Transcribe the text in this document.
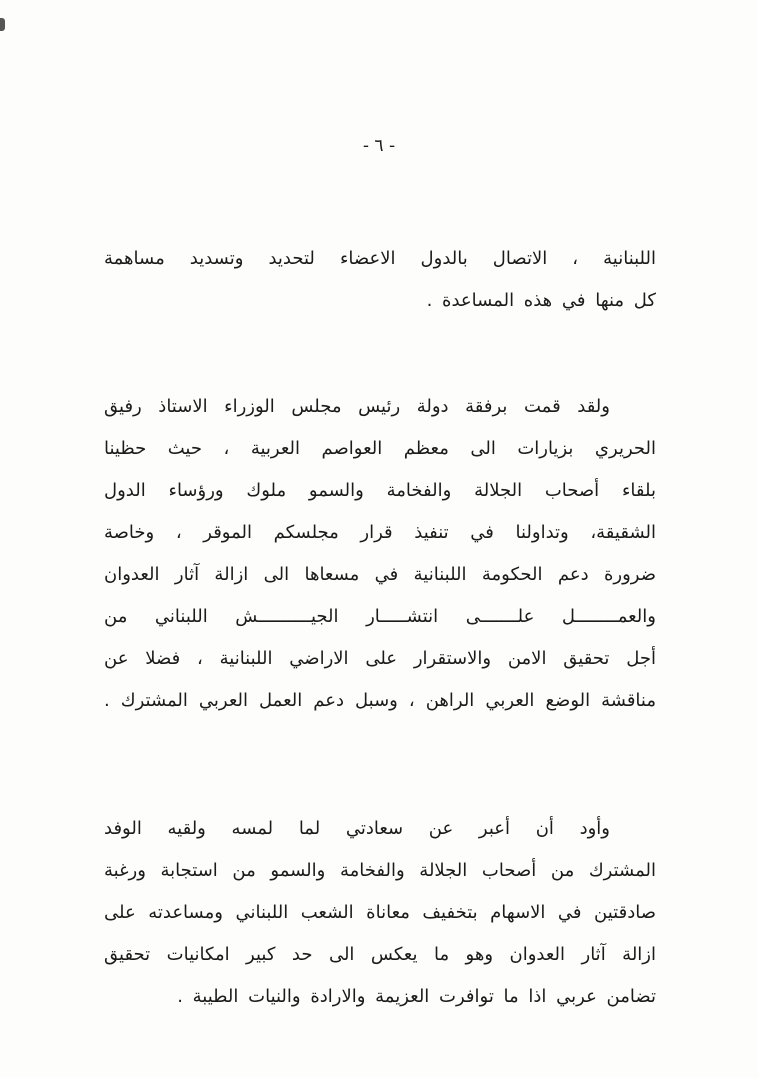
- ٦ -
اللبنانية ، الاتصال بالدول الاعضاء لتحديد وتسديد مساهمة
كل منها في هذه المساعدة .
ولقد قمت برفقة دولة رئيس مجلس الوزراء الاستاذ رفيق
الحريري بزيارات الى معظم العواصم العربية ، حيث حظينا
بلقاء أصحاب الجلالة والفخامة والسمو ملوك ورؤساء الدول
الشقيقة، وتداولنا في تنفيذ قرار مجلسكم الموقر ، وخاصة
ضرورة دعم الحكومة اللبنانية في مسعاها الى ازالة آثار العدوان
والعمــــــــل علـــــــى انتشـــــار الجيــــــــــش اللبناني من
أجل تحقيق الامن والاستقرار على الاراضي اللبنانية ، فضلا عن
مناقشة الوضع العربي الراهن ، وسبل دعم العمل العربي المشترك .
وأود أن أعبر عن سعادتي لما لمسه ولقيه الوفد
المشترك من أصحاب الجلالة والفخامة والسمو من استجابة ورغبة
صادقتين في الاسهام بتخفيف معاناة الشعب اللبناني ومساعدته على
ازالة آثار العدوان وهو ما يعكس الى حد كبير امكانيات تحقيق
تضامن عربي اذا ما توافرت العزيمة والارادة والنيات الطيبة .
